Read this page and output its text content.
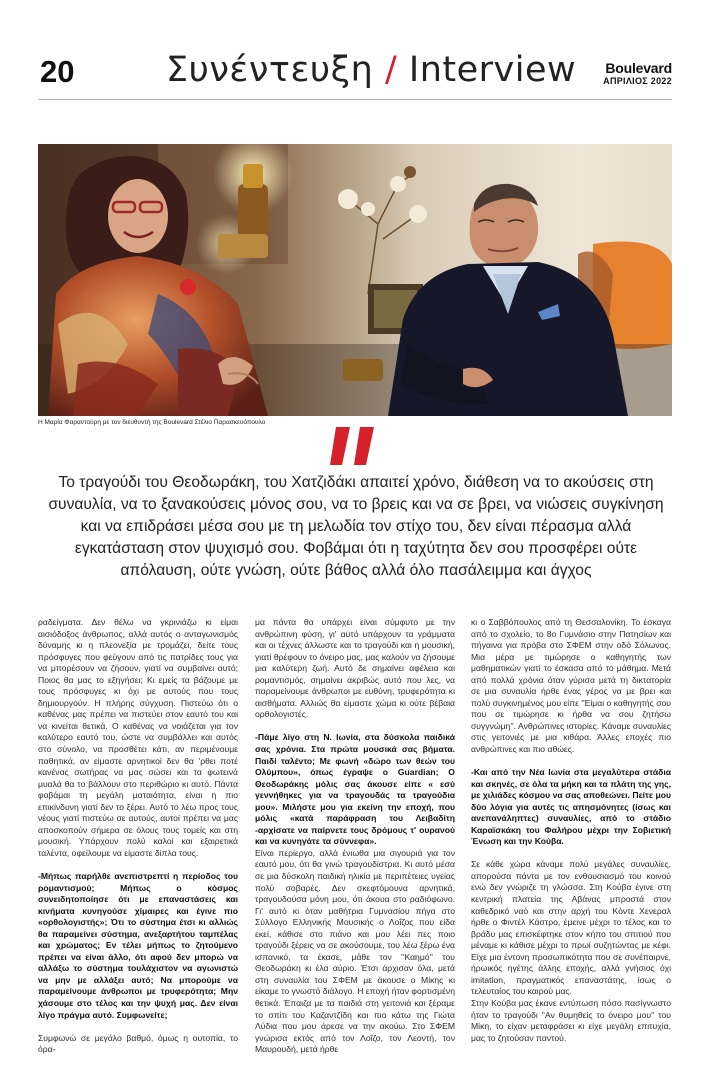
20	Συνέντευξη / Interview Boulevard
ΑΠΡΙΛΙΟΣ 2022
Η Μαρία Φαραντούρη με τον διευθυντή της Boulevard Στέλιο Παρασκευόπουλο
Το τραγούδι του Θεοδωράκη, του Χατζιδάκι απαιτεί χρόνο, διάθεση να το ακούσεις στη συναυλία, να το ξανακούσεις μόνος σου, να το βρεις και να σε βρει, να νιώσεις συγκίνηση και να επιδράσει μέσα σου με τη μελωδία τον στίχο του, δεν είναι πέρασμα αλλά εγκατάσταση στον ψυχισμό σου. Φοβάμαι ότι η ταχύτητα δεν σου προσφέρει ούτε απόλαυση, ούτε γνώση, ούτε βάθος αλλά όλο πασάλειμμα και άγχος

ραδείγματα. Δεν θέλω να γκρινιάζω κι είμαι αισιόδοξος άνθρωπος, αλλά αυτός ο ανταγωνισμός δύναμης κι η πλεονεξία με τρομάζει, δείτε τους πρόσφυγες που φεύγουν από τις πατρίδες τους για να μπορέσουν να ζήσουν, γιατί να συμβαίνει αυτό; Ποιος θα μας το εξηγήσει; Κι εμείς τα βάζουμε με τους πρόσφυγες κι όχι με αυτούς που τους δημιουργούν. Η πλήρης σύγχυση. Πιστεύω ότι ο καθένας μας πρέπει να πιστεύει στον εαυτό του και να κινείται θετικά. Ο καθένας να νοιάζεται για τον καλύτερο εαυτό του, ώστε να συμβάλλει και αυτός στο σύνολο, να προσθέτει κάτι, αν περιμένουμε παθητικά, αν είμαστε αρνητικοί δεν θα 'ρθει ποτέ κανένας σωτήρας να μας σώσει και τα φωτεινά μυαλά θα το βάλλουν στο περιθώριο κι αυτό. Πάντα φοβάμαι τη μεγάλη ματαιότητα, είναι η πιο επικίνδυνη γιατί δεν το ξέρει. Αυτό το λέω προς τους νέους γιατί πιστεύω σε αυτούς, αυτοί πρέπει να μας αποσκοπούν σήμερα σε όλους τους τομείς και στη μουσική. Υπάρχουν πολύ καλοί και εξαιρετικά ταλέντα, οφείλουμε να είμαστε δίπλα τους.

-Μήπως παρήλθε ανεπιστρεπτί η περίοδος του ρομαντισμού; Μήπως ο κόσμος συνειδητοποίησε ότι με επαναστάσεις και κινήματα κυνηγούσε χίμαιρες και έγινε πιο «ορθολογιστής»; Ότι το σύστημα έτσι κι αλλιώς θα παραμείνει σύστημα, ανεξαρτήτου ταμπέλας και χρώματος; Εν τέλει μήπως το ζητούμενο πρέπει να είναι άλλο, ότι αφού δεν μπορώ να αλλάξω το σύστημα τουλάχιστον να αγωνιστώ να μην με αλλάξει αυτό; Να μπορούμε να παραμείνουμε άνθρωποι με τρυφερότητα; Μην χάσουμε στο τέλος και την ψυχή μας. Δεν είναι λίγο πράγμα αυτό. Συμφωνείτε;

Συμφωνώ σε μεγάλο βαθμό, όμως η ουτοπία, το όρα-

μα πάντα θα υπάρχει είναι σύμφυτο με την ανθρώπινη φύση, γι' αυτό υπάρχουν τα γράμματα και οι τέχνες άλλωστε και το τραγούδι και η μουσική, γιατί θρέφουν το όνειρο μας, μας καλούν να ζήσουμε μια καλύτερη ζωή. Αυτό δε σημαίνει αφέλεια και ρομαντισμός, σημαίνει ακριβώς αυτό που λες, να παραμείνουμε άνθρωποι με ευθύνη, τρυφερότητα κι αισθήματα. Αλλιώς θα είμαστε χώμα κι ούτε βέβαια ορθολογιστές.

-Πάμε λίγο στη Ν. Ιωνία, στα δύσκολα παιδικά σας χρόνια. Στα πρώτα μουσικά σας βήματα. Παιδί ταλέντο; Με φωνή «δώρο των θεών του Ολύμπου», όπως έγραψε ο Guardian; Ο Θεοδωράκης μόλις σας άκουσε είπε « εσύ γεννήθηκες για να τραγουδάς τα τραγούδια μου». Μιλήστε μου για εκείνη την εποχή, που μόλις «κατά παράφραση του Λειβαδίτη -αρχίσατε να παίρνετε τους δρόμους τ' ουρανού και να κυνηγάτε τα σύννεφα».

Είναι περίεργο, αλλά ένιωθα μια σιγουριά για τον εαυτό μου, ότι θα γινώ τραγουδίστρια. Κι αυτό μέσα σε μια δύσκολη παιδική ηλικία με περιπέτειες υγείας πολύ σοβαρές. Δεν σκεφτόμουνα αρνητικά, τραγουδούσα μόνη μου, ότι άκουα στο ραδιόφωνο. Γι' αυτό κι όταν μαθήτρια Γυμνασίου πήγα στο Σύλλογο Ελληνικής Μουσικής ο Λοΐζος που είδα εκεί, κάθισε στο πιάνο και μου λέει πες ποιο τραγούδι ξέρεις να σε ακούσουμε, του λέω ξέρω ένα ισπανικό, τα έκασε, μάθε τον ''Καημό'' του Θεοδωράκη κι έλα αύριο. Έτσι άρχισαν όλα, μετά στη συναυλία του ΣΦΕΜ με άκουσε ο Μίκης κι είκαμε το γνωστό διάλογο. Η εποχή ήταν φορτισμένη θετικά. Έπαιζα με τα παιδιά στη γειτονιά και ξέραμε το σπίτι του Καζαντζίδη και πιο κάτω της Γιώτα Λύδια που μου άρεσε να την ακούω. Στο ΣΦΕΜ γνώρισα εκτός από τον Λοΐζο, τον Λεοντή, τον Μαυρουδή, μετά ήρθε

κι ο Σαββόπουλος από τη Θεσσαλονίκη. Το έσκαγα από το σχολείο, το 8ο Γυμνάσιο στην Πατησίων και πήγαινα για πρόβα στο ΣΦΕΜ στην οδό Σόλωνος. Μια μέρα με τιμώρησε ο καθηγητής των μαθηματικών γιατί το έσκασα από το μάθημα. Μετά από πολλά χρόνια όταν γύρισα μετά τη δικτατορία σε μια συναυλία ήρθε ένας γέρος να με βρει και πολύ συγκινημένος μου είπε ''Είμαι ο καθηγητής σου που σε τιμώρησε κι ήρθα να σου ζητήσω συγγνώμη''. Ανθρώπινες ιστορίες. Κάναμε συναυλίες στις γειτονιές με μια κιθάρα. Άλλες εποχές πιο ανθρώπινες και πιο αθώες.

-Και από την Νέα Ιωνία στα μεγαλύτερα στάδια και σκηνές, σε όλα τα μήκη και τα πλάτη της γης, με χιλιάδες κόσμου να σας αποθεώνει. Πείτε μου δύο λόγια για αυτές τις απησμόνητες (ίσως και ανεπανάληπτες) συναυλίες, από το στάδιο Καραϊσκάκη του Φαλήρου μέχρι την Σοβιετική Ένωση και την Κούβα.

Σε κάθε χώρα κάναμε πολύ μεγάλες συναυλίες, απορούσα πάντα με τον ενθουσιασμό του κοινού ενώ δεν γνώριζε τη γλώσσα. Στη Κούβα έγινε στη κεντρική πλατεία της Αβάνας μπροστά στον καθεδρικό ναό και στην αρχή του Κόντε Χενεραλ ήρθε ο Φιντέλ Κάστρο, έμεινε μέχρι το τέλος και το βράδυ μας επισκέφτηκε στον κήπο του σπιτιού που μέναμε κι κάθισε μέχρι το πρωί συζητώντας με κέφι. Είχε μια έντονη προσωπικότητα που σε συνέπαιρνε, ήρωικός ηγέτης άλλης εποχής, αλλά γνήσιος όχι imitation, πραγματικός επαναστάτης, ίσως ο τελευταίος του καιρού μας.

Στην Κούβα μας έκανε εντύπωση πόσο πασίγνωστο ήταν το τραγούδι ''Αν θυμηθείς το όνειρο μου'' του Μίκη, το είχαν μεταφράσει κι είχε μεγάλη επιτυχία, μας το ζητούσαν παντού.
